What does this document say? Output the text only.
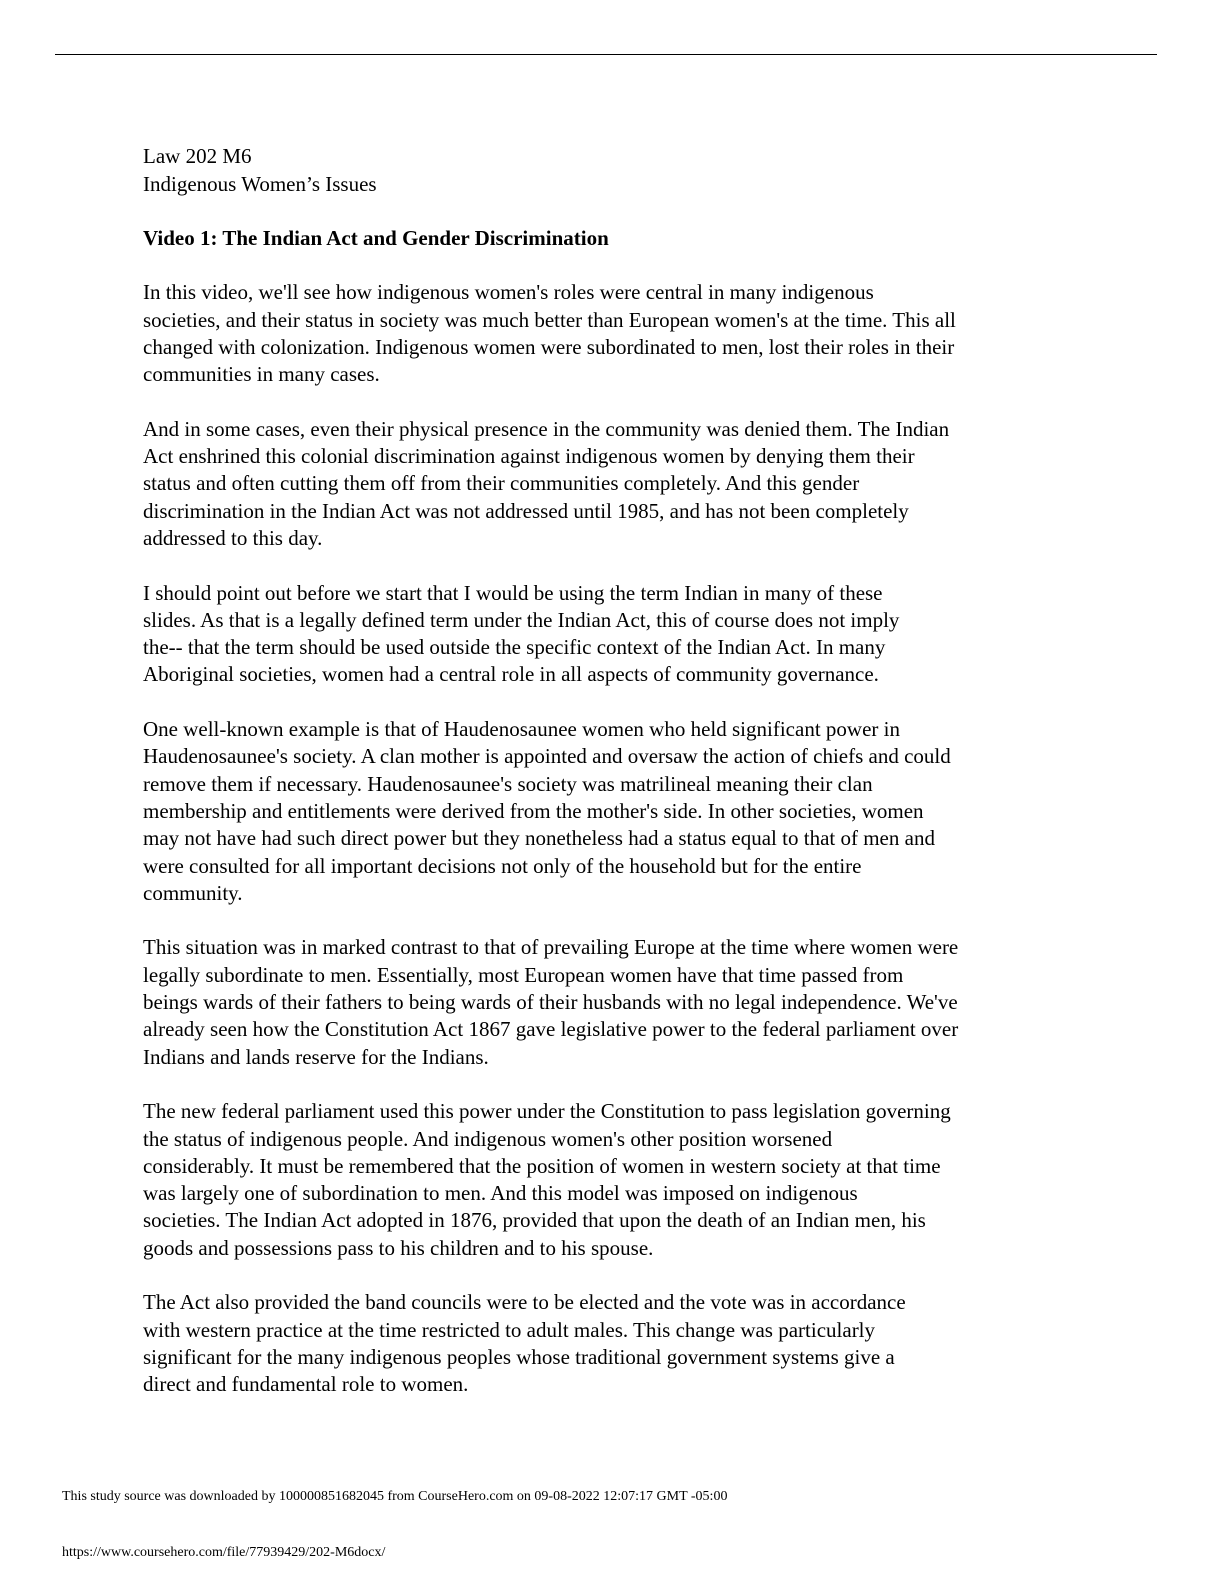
Law 202 M6

Indigenous Women’s Issues

Video 1: The Indian Act and Gender Discrimination

In this video, we'll see how indigenous women's roles were central in many indigenous
societies, and their status in society was much better than European women's at the time. This all
changed with colonization. Indigenous women were subordinated to men, lost their roles in their
communities in many cases.

And in some cases, even their physical presence in the community was denied them. The Indian
Act enshrined this colonial discrimination against indigenous women by denying them their
status and often cutting them off from their communities completely. And this gender
discrimination in the Indian Act was not addressed until 1985, and has not been completely
addressed to this day.

I should point out before we start that I would be using the term Indian in many of these
slides. As that is a legally defined term under the Indian Act, this of course does not imply
the-- that the term should be used outside the specific context of the Indian Act. In many
Aboriginal societies, women had a central role in all aspects of community governance.

One well-known example is that of Haudenosaunee women who held significant power in
Haudenosaunee's society. A clan mother is appointed and oversaw the action of chiefs and could
remove them if necessary. Haudenosaunee's society was matrilineal meaning their clan
membership and entitlements were derived from the mother's side. In other societies, women
may not have had such direct power but they nonetheless had a status equal to that of men and
were consulted for all important decisions not only of the household but for the entire
community.

This situation was in marked contrast to that of prevailing Europe at the time where women were
legally subordinate to men. Essentially, most European women have that time passed from
beings wards of their fathers to being wards of their husbands with no legal independence. We've
already seen how the Constitution Act 1867 gave legislative power to the federal parliament over
Indians and lands reserve for the Indians.

The new federal parliament used this power under the Constitution to pass legislation governing
the status of indigenous people. And indigenous women's other position worsened
considerably. It must be remembered that the position of women in western society at that time
was largely one of subordination to men. And this model was imposed on indigenous
societies. The Indian Act adopted in 1876, provided that upon the death of an Indian men, his
goods and possessions pass to his children and to his spouse.

The Act also provided the band councils were to be elected and the vote was in accordance
with western practice at the time restricted to adult males. This change was particularly
significant for the many indigenous peoples whose traditional government systems give a
direct and fundamental role to women.

This study source was downloaded by 100000851682045 from CourseHero.com on 09-08-2022 12:07:17 GMT -05:00
https://www.coursehero.com/file/77939429/202-M6docx/
